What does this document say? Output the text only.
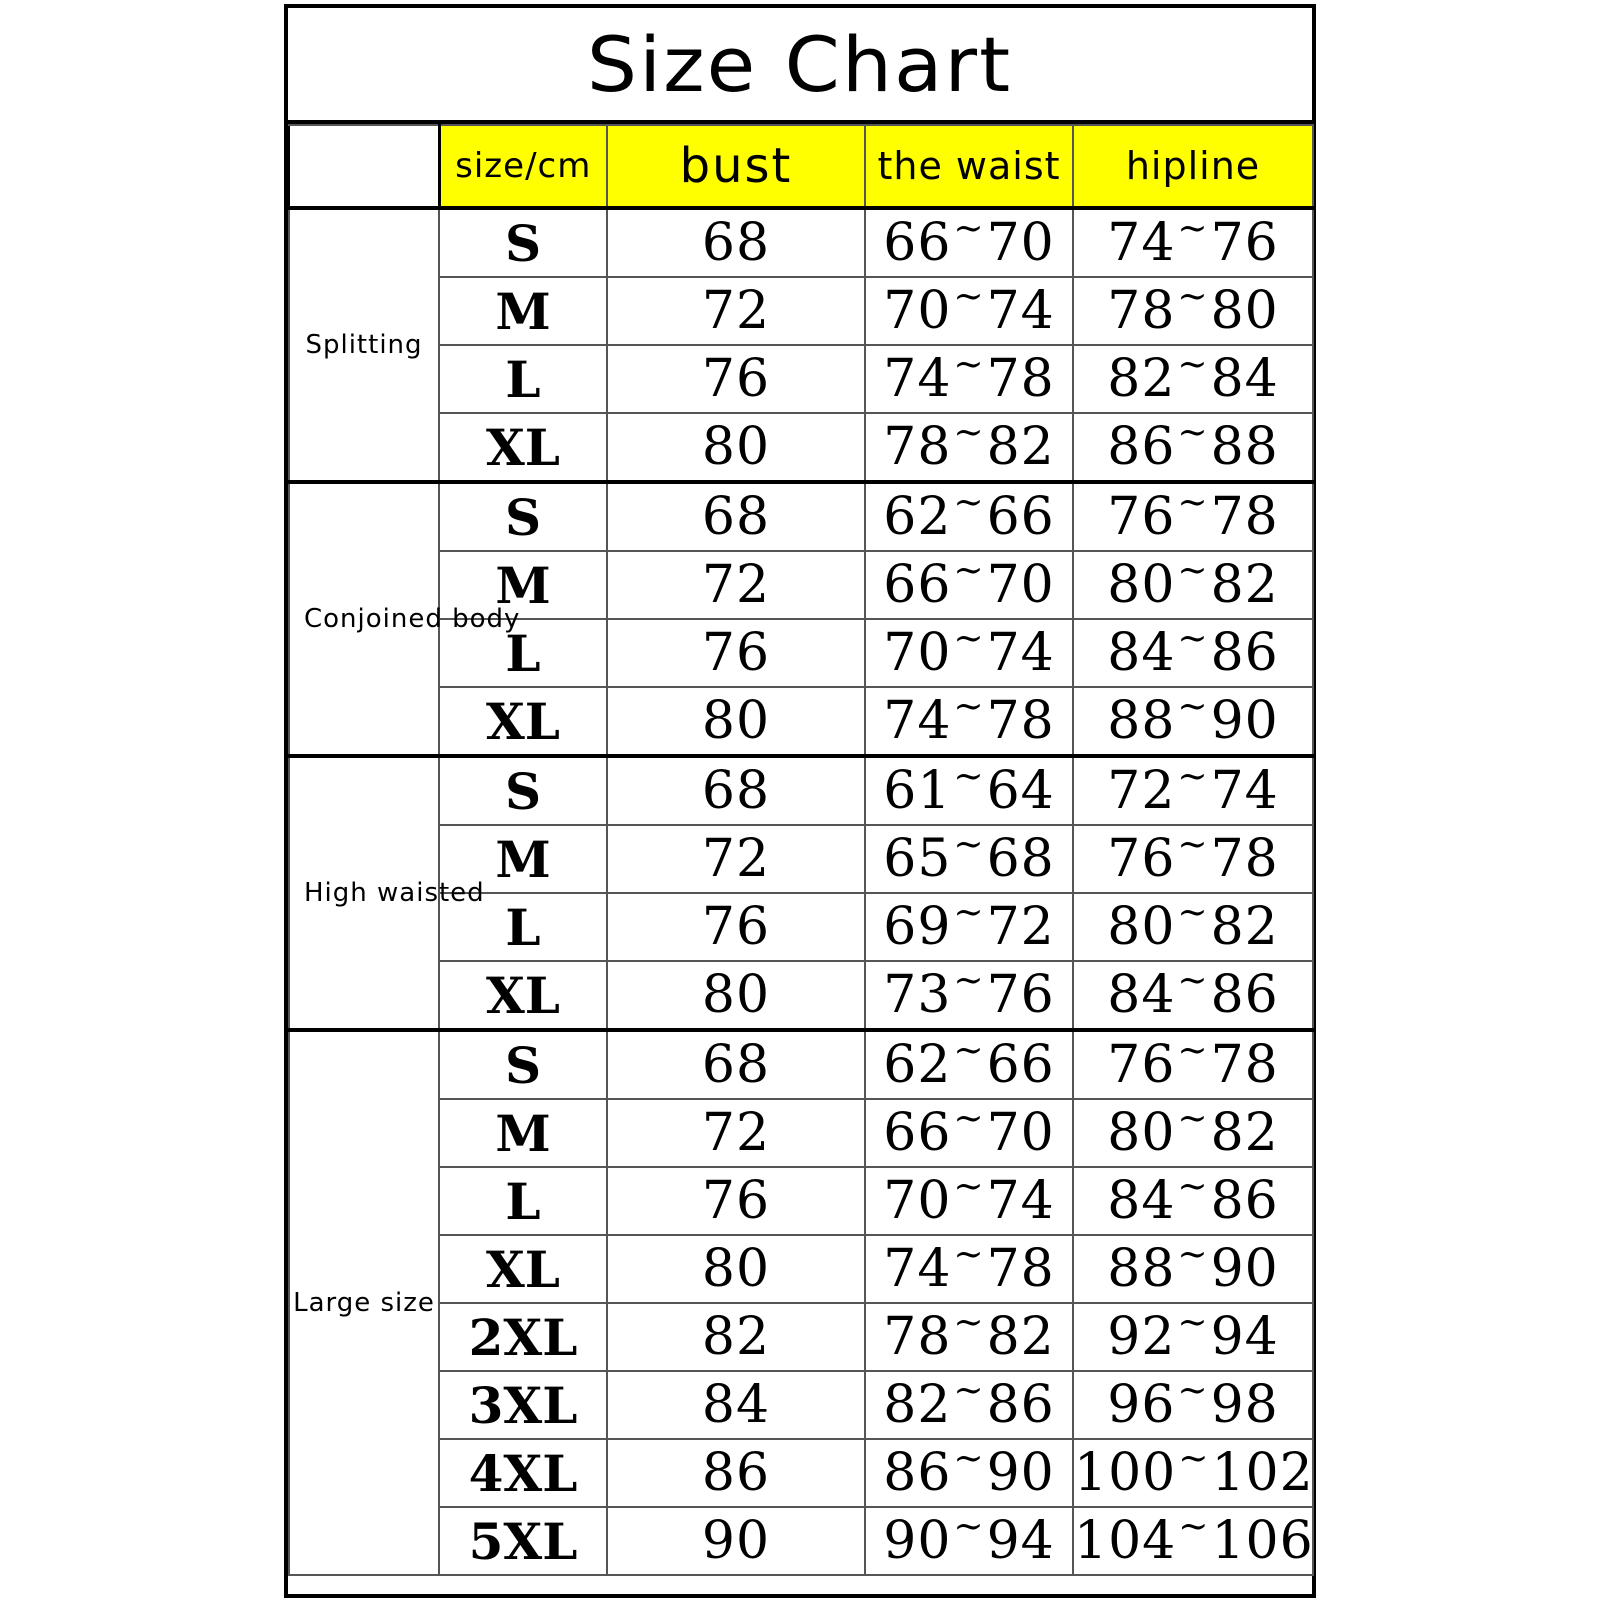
Size Chart
	size/cm	bust	the waist	hipline
Splitting	S	68	66~70	74~76
	M	72	70~74	78~80
	L	76	74~78	82~84
	XL	80	78~82	86~88
Conjoined body	S	68	62~66	76~78
	M	72	66~70	80~82
	L	76	70~74	84~86
	XL	80	74~78	88~90
High waisted	S	68	61~64	72~74
	M	72	65~68	76~78
	L	76	69~72	80~82
	XL	80	73~76	84~86
Large size	S	68	62~66	76~78
	M	72	66~70	80~82
	L	76	70~74	84~86
	XL	80	74~78	88~90
	2XL	82	78~82	92~94
	3XL	84	82~86	96~98
	4XL	86	86~90	100~102
	5XL	90	90~94	104~106
